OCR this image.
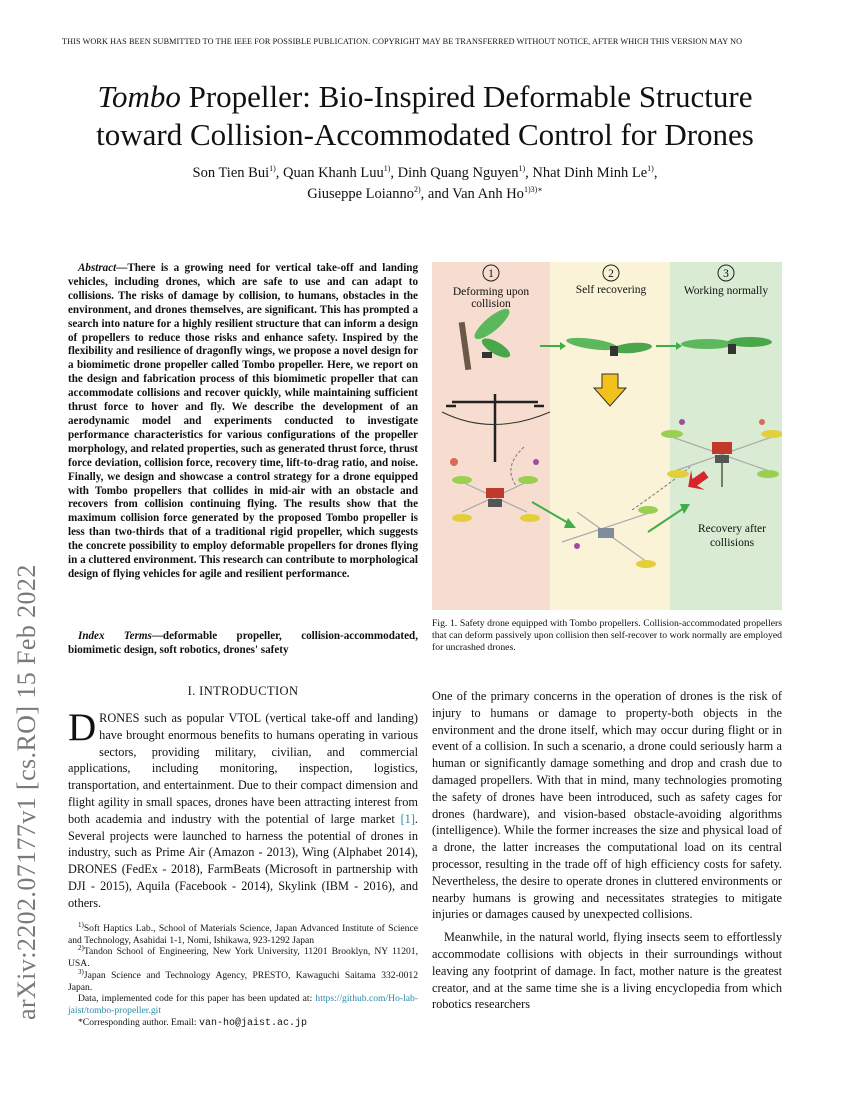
THIS WORK HAS BEEN SUBMITTED TO THE IEEE FOR POSSIBLE PUBLICATION. COPYRIGHT MAY BE TRANSFERRED WITHOUT NOTICE, AFTER WHICH THIS VERSION MAY NO
arXiv:2202.07177v1 [cs.RO] 15 Feb 2022
Tombo Propeller: Bio-Inspired Deformable Structure
toward Collision-Accommodated Control for Drones
Son Tien Bui$^{1)}$, Quan Khanh Luu$^{1)}$, Dinh Quang Nguyen$^{1)}$, Nhat Dinh Minh Le$^{1)}$,
Giuseppe Loianno$^{2)}$, and Van Anh $Ho^{1)3)∗}$
Abstract—There is a growing need for vertical take-off and landing vehicles, including drones, which are safe to use and can adapt to collisions. The risks of damage by collision, to humans, obstacles in the environment, and drones themselves, are significant. This has prompted a search into nature for a highly resilient structure that can inform a design of propellers to reduce those risks and enhance safety. Inspired by the flexibility and resilience of dragonfly wings, we propose a novel design for a biomimetic drone propeller called Tombo propeller. Here, we report on the design and fabrication process of this biomimetic propeller that can accommodate collisions and recover quickly, while maintaining sufficient thrust force to hover and fly. We describe the development of an aerodynamic model and experiments conducted to investigate performance characteristics for various configurations of the propeller morphology, and related properties, such as generated thrust force, thrust force deviation, collision force, recovery time, lift-to-drag ratio, and noise. Finally, we design and showcase a control strategy for a drone equipped with Tombo propellers that collides in mid-air with an obstacle and recovers from collision continuing flying. The results show that the maximum collision force generated by the proposed Tombo propeller is less than two-thirds that of a traditional rigid propeller, which suggests the concrete possibility to employ deformable propellers for drones flying in a cluttered environment. This research can contribute to morphological design of flying vehicles for agile and resilient performance.
Index Terms—deformable propeller, collision-accommodated, biomimetic design, soft robotics, drones' safety
I. INTRODUCTION
DRONES such as popular VTOL (vertical take-off and landing) have brought enormous benefits to humans operating in various sectors, providing military, civilian, and commercial applications, including monitoring, inspection, logistics, transportation, and entertainment. Due to their compact dimension and flight agility in small spaces, drones have been attracting interest from both academia and industry with the potential of large market [1]. Several projects were launched to harness the potential of drones in industry, such as Prime Air (Amazon - 2013), Wing (Alphabet 2014), DRONES (FedEx - 2018), FarmBeats (Microsoft in partnership with DJI - 2015), Aquila (Facebook - 2014), Skylink (IBM - 2016), and others.
$^{1)}$Soft Haptics Lab., School of Materials Science, Japan Advanced Institute of Science and Technology, Asahidai 1-1, Nomi, Ishikawa, 923-1292 Japan
$^{2)}$Tandon School of Engineering, New York University, 11201 Brooklyn, NY 11201, USA.
$^{3)}$Japan Science and Technology Agency, PRESTO, Kawaguchi Saitama 332-0012 Japan.
Data, implemented code for this paper has been updated at: https://github.com/Ho-lab-jaist/tombo-propeller.git
*Corresponding author. Email: van-ho@jaist.ac.jp
1	2	3
Deforming upon
collision
Self recovering	Working normally
Recovery after
collisions
Fig. 1. Safety drone equipped with Tombo propellers. Collision-accommodated propellers that can deform passively upon collision then self-recover to work normally are employed for uncrashed drones.

One of the primary concerns in the operation of drones is the risk of injury to humans or damage to property-both objects in the environment and the drone itself, which may occur during flight or in event of a collision. In such a scenario, a drone could seriously harm a human or significantly damage something and drop and crash due to damaged propellers. With that in mind, many technologies promoting the safety of drones have been introduced, such as safety cages for drones (hardware), and vision-based obstacle-avoiding algorithms (intelligence). While the former increases the size and physical load of a drone, the latter increases the computational load on its central processor, resulting in the trade off of high efficiency costs for safety. Nevertheless, the desire to operate drones in cluttered environments or nearby humans is growing and necessitates strategies to mitigate injuries or damages caused by unexpected collisions.

Meanwhile, in the natural world, flying insects seem to effortlessly accommodate collisions with objects in their surroundings without leaving any footprint of damage. In fact, mother nature is the greatest creator, and at the same time she is a living encyclopedia from which robotics researchers
